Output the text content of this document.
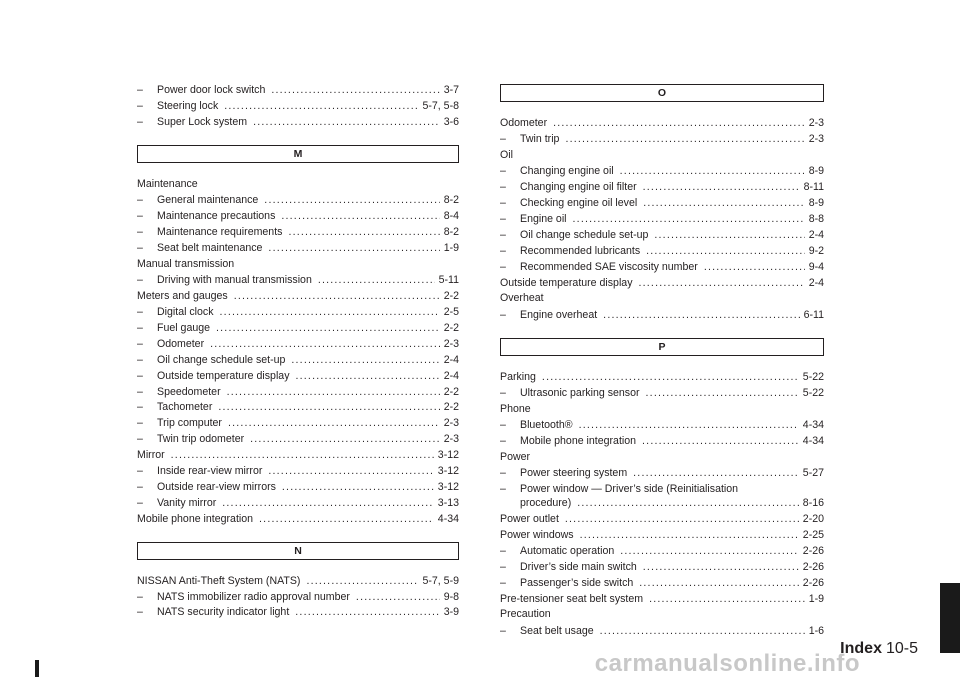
– Power door lock switch .....	3-7
– Steering lock .....	5-7, 5-8
– Super Lock system .....	3-6
M
Maintenance
– General maintenance .....	8-2
– Maintenance precautions .....	8-4
– Maintenance requirements .....	8-2
– Seat belt maintenance .....	1-9
Manual transmission
– Driving with manual transmission .....	5-11
Meters and gauges .....	2-2
– Digital clock .....	2-5
– Fuel gauge .....	2-2
– Odometer .....	2-3
– Oil change schedule set-up .....	2-4
– Outside temperature display .....	2-4
– Speedometer .....	2-2
– Tachometer .....	2-2
– Trip computer .....	2-3
– Twin trip odometer .....	2-3
Mirror .....	3-12
– Inside rear-view mirror .....	3-12
– Outside rear-view mirrors .....	3-12
– Vanity mirror .....	3-13
Mobile phone integration .....	4-34
N
NISSAN Anti-Theft System (NATS) .....	5-7, 5-9
– NATS immobilizer radio approval number .....	9-8
– NATS security indicator light .....	3-9
O
Odometer .....	2-3
– Twin trip .....	2-3
Oil
– Changing engine oil .....	8-9
– Changing engine oil filter .....	8-11
– Checking engine oil level .....	8-9
– Engine oil .....	8-8
– Oil change schedule set-up .....	2-4
– Recommended lubricants .....	9-2
– Recommended SAE viscosity number .....	9-4
Outside temperature display .....	2-4
Overheat
– Engine overheat .....	6-11
P
Parking .....	5-22
– Ultrasonic parking sensor .....	5-22
Phone
– Bluetooth® .....	4-34
– Mobile phone integration .....	4-34
Power
– Power steering system .....	5-27
– Power window — Driver’s side (Reinitialisation
procedure) .....	8-16
Power outlet .....	2-20
Power windows .....	2-25
– Automatic operation .....	2-26
– Driver’s side main switch .....	2-26
– Passenger’s side switch .....	2-26
Pre-tensioner seat belt system .....	1-9
Precaution
– Seat belt usage .....	1-6
carmanualsonline.info
Index 10-5
